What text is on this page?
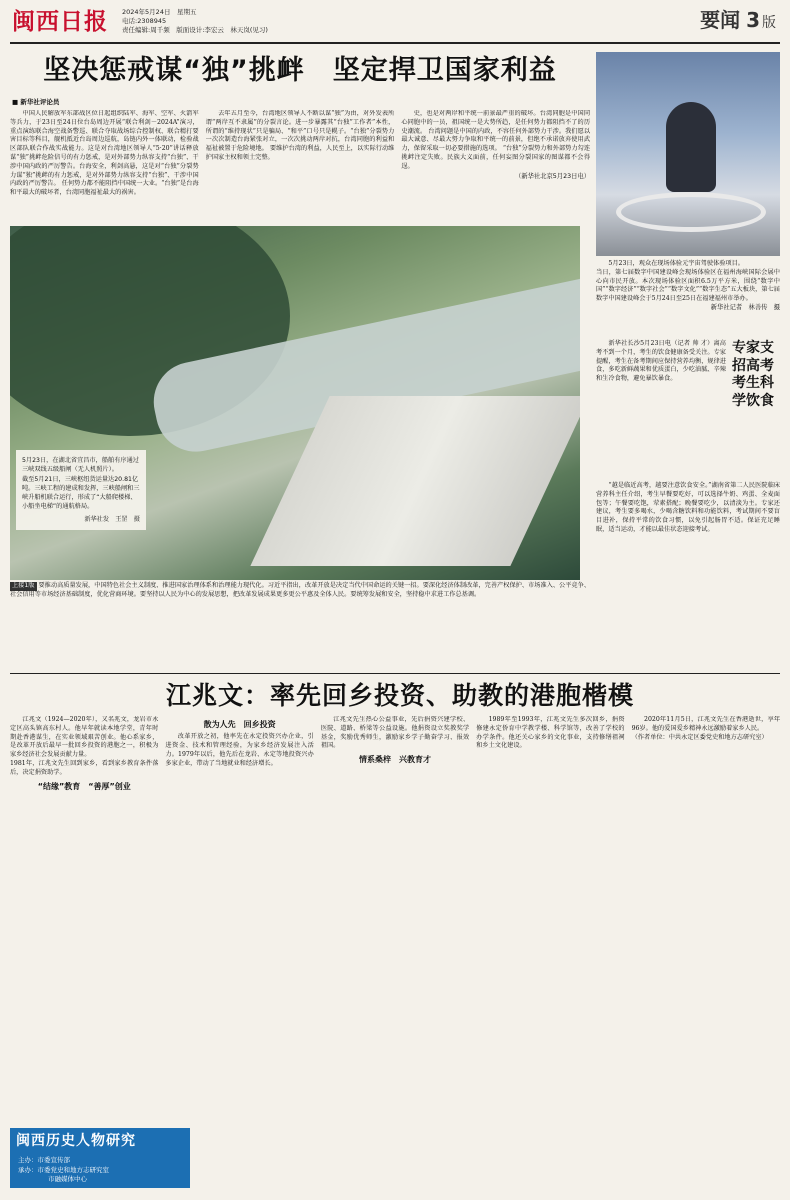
闽西日报 2024年5月24日　星期五
电话:2308945
责任编辑:周千频　版面设计:李宏云　林天岚(见习)	要闻 3 版
坚决惩戒谋“独”挑衅　坚定捍卫国家利益
■ 新华社评论员

中国人民解放军东部战区位日起组织陆军、海军、空军、火箭军等兵力，于23日至24日位台岛周边开展“联合利剑－2024A”演习，重点演练联合海空战备警巡、联合夺取战场综合控制权、联合精打要害目标等科目，舰机抵近台岛周边巡航，岛链内外一体联动，检验战区部队联合作战实战能力。这是对台湾地区领导人“5·20”讲话释放谋“独”挑衅危险信号的有力惩戒，是对外部势力纵容支持“台独”、干涉中国内政的严厉警告。台海安全，利剑高悬，这是对“台独”分裂势力谋“独”挑衅的有力惩戒，是对外部势力纵容支持“台独”、干涉中国内政的严厉警告。 任何势力都不能阻挡中国统一大业。“台独”是台海和平最大的破坏者，台湾同胞福祉最大的祸害。

去年五月至今，台湾地区领导人不断以谋“独”为由，对外发表所谓“两岸互不隶属”的分裂言论。进一步暴露其“台独”工作者”本性，所谓的“维持现状”只是骗局、“和平”口号只是幌子。“台独”分裂势力一次次制造台海紧张对立，一次次挑动两岸对抗，台湾同胞的利益和福祉被置于危险境地。 要维护台湾的利益，人民至上，以实际行动维护国家主权和领土完整。

史，也是对两岸和平统一前景最严重的破坏。台湾同胞是中国同心同胞中的一员，祖国统一是大势所趋，是任何势力都阻挡不了的历史潮流。 台湾问题是中国的内政，不容任何外部势力干涉。我们愿以最大诚意、尽最大努力争取和平统一的前景，但绝不承诺放弃使用武力，保留采取一切必要措施的选项。 “台独”分裂势力和外部势力勾连挑衅注定失败。民族大义面前，任何妄图分裂国家的图谋都不会得逞。

（新华社北京5月23日电）

5月23日，在湖北省宜昌市，船舶有序通过三峡双线五级船闸（无人机照片）。
截至5月21日，三峡枢纽货运量达20.81亿吨。三峡工程的建成和发挥，三峡船闸和三峡升船机联合运行，形成了“大船爬楼梯、小船坐电梯”的通航格局。
新华社发　王罡　摄

上接1版 要推动高质量发展，中国特色社会主义制度、推进国家治理体系和治理能力现代化。习近平指出，改革开放是决定当代中国命运的关键一招。要深化经济体制改革，完善产权保护、市场准入、公平竞争、社会信用等市场经济基础制度，优化营商环境。要坚持以人民为中心的发展思想，把改革发展成果更多更公平惠及全体人民。要统筹发展和安全，坚持稳中求进工作总基调。

5月23日，观众在现场体验元宇宙驾驶体验项目。
当日，第七届数字中国建设峰会现场体验区在福州海峡国际会展中心向市民开放。本次现场体验区面积6.5万平方米，围绕“数字中国”“数字经济”“数字社会”“数字文化”“数字生态”五大板块，第七届数字中国建设峰会于5月24日至25日在福建福州市举办。

新华社记者　林善传　摄

专家支招高考考生科学饮食

新华社长沙5月23日电（记者 帅 才）离高考不到一个月，考生的饮食健康备受关注。专家提醒，考生在备考期间应保持营养均衡，规律进食，多吃新鲜蔬果和优质蛋白，少吃油腻、辛辣和生冷食物，避免暴饮暴食。

“越是临近高考，越要注意饮食安全。”湖南省第二人民医院临床营养科主任介绍，考生早餐要吃好，可以选择牛奶、鸡蛋、全麦面包等；午餐要吃饱，荤素搭配；晚餐要吃少，以清淡为主。专家还建议，考生要多喝水，少喝含糖饮料和功能饮料，考试期间不要盲目进补，保持平常的饮食习惯，以免引起肠胃不适。保证充足睡眠，适当运动，才能以最佳状态迎接考试。

江兆文：率先回乡投资、助教的港胞楷模

江兆文（1924—2020年），又名兆文，龙岩市永定区高头镇高东村人。他早年就读本地学堂，青年时期赴香港谋生，在实业领域艰苦创业。他心系家乡，是改革开放后最早一批回乡投资的港胞之一，积极为家乡经济社会发展贡献力量。
1981年，江兆文先生回到家乡，看到家乡教育条件落后，决定捐资助学。

“结缘”教育　“善厚”创业
散为人先　回乡投资

改革开放之初，他率先在永定投资兴办企业，引进资金、技术和管理经验，为家乡经济发展注入活力。1979年以后，他先后在龙岩、永定等地投资兴办多家企业，带动了当地就业和经济增长。

江兆文先生热心公益事业，先后捐资兴建学校、医院、道路、桥梁等公益设施。他捐资设立奖教奖学基金，奖励优秀师生，激励家乡学子勤奋学习、报效祖国。

情系桑梓　兴教育才

1989年至1993年，江兆文先生多次回乡，捐资修建永定侨育中学教学楼、科学馆等，改善了学校的办学条件。他还关心家乡的文化事业，支持修缮祖祠和乡土文化建设。

2020年11月5日，江兆文先生在香港逝世，享年96岁。他的爱国爱乡精神永远激励着家乡人民。
（作者单位：中共永定区委党史和地方志研究室）

闽西历史人物研究
主办：市委宣传部
承办：市委党史和地方志研究室
市融媒体中心
